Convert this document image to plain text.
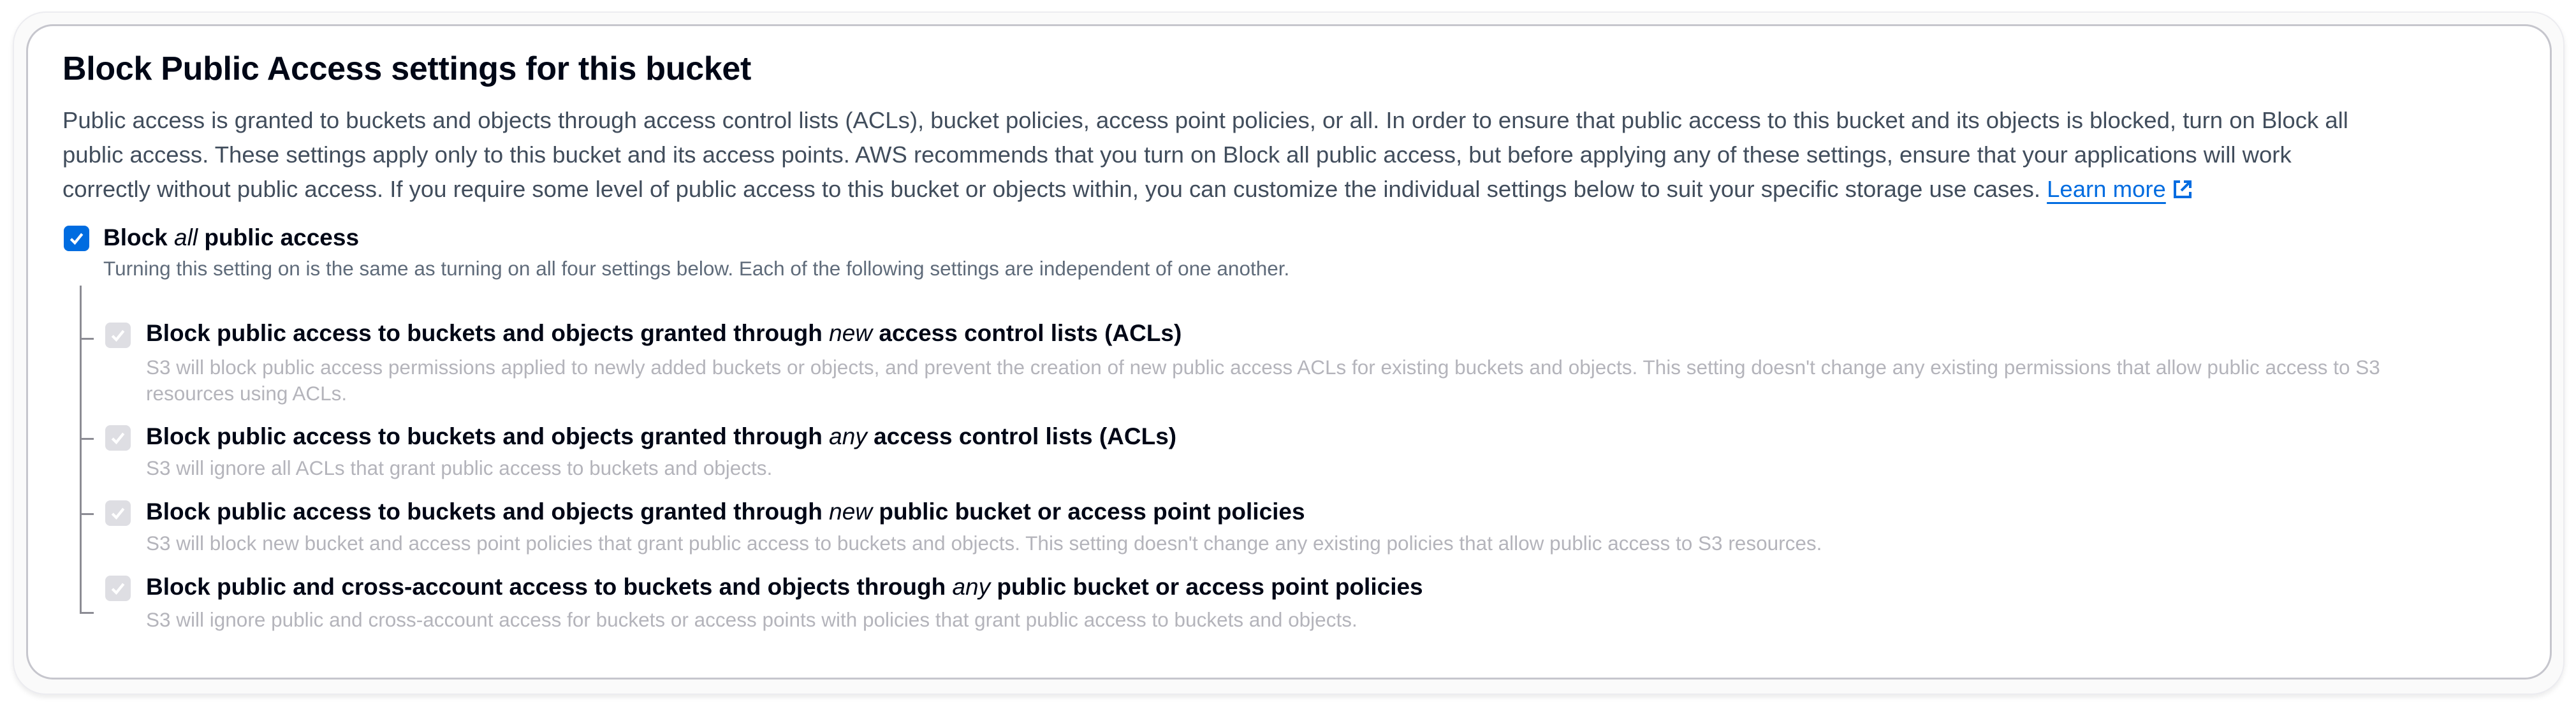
Block Public Access settings for this bucket
Public access is granted to buckets and objects through access control lists (ACLs), bucket policies, access point policies, or all. In order to ensure that public access to this bucket and its objects is blocked, turn on Block all
public access. These settings apply only to this bucket and its access points. AWS recommends that you turn on Block all public access, but before applying any of these settings, ensure that your applications will work
correctly without public access. If you require some level of public access to this bucket or objects within, you can customize the individual settings below to suit your specific storage use cases. Learn more
Block all public access
Turning this setting on is the same as turning on all four settings below. Each of the following settings are independent of one another.
Block public access to buckets and objects granted through new access control lists (ACLs)
S3 will block public access permissions applied to newly added buckets or objects, and prevent the creation of new public access ACLs for existing buckets and objects. This setting doesn't change any existing permissions that allow public access to S3
resources using ACLs.
Block public access to buckets and objects granted through any access control lists (ACLs)
S3 will ignore all ACLs that grant public access to buckets and objects.
Block public access to buckets and objects granted through new public bucket or access point policies
S3 will block new bucket and access point policies that grant public access to buckets and objects. This setting doesn't change any existing policies that allow public access to S3 resources.
Block public and cross-account access to buckets and objects through any public bucket or access point policies
S3 will ignore public and cross-account access for buckets or access points with policies that grant public access to buckets and objects.
